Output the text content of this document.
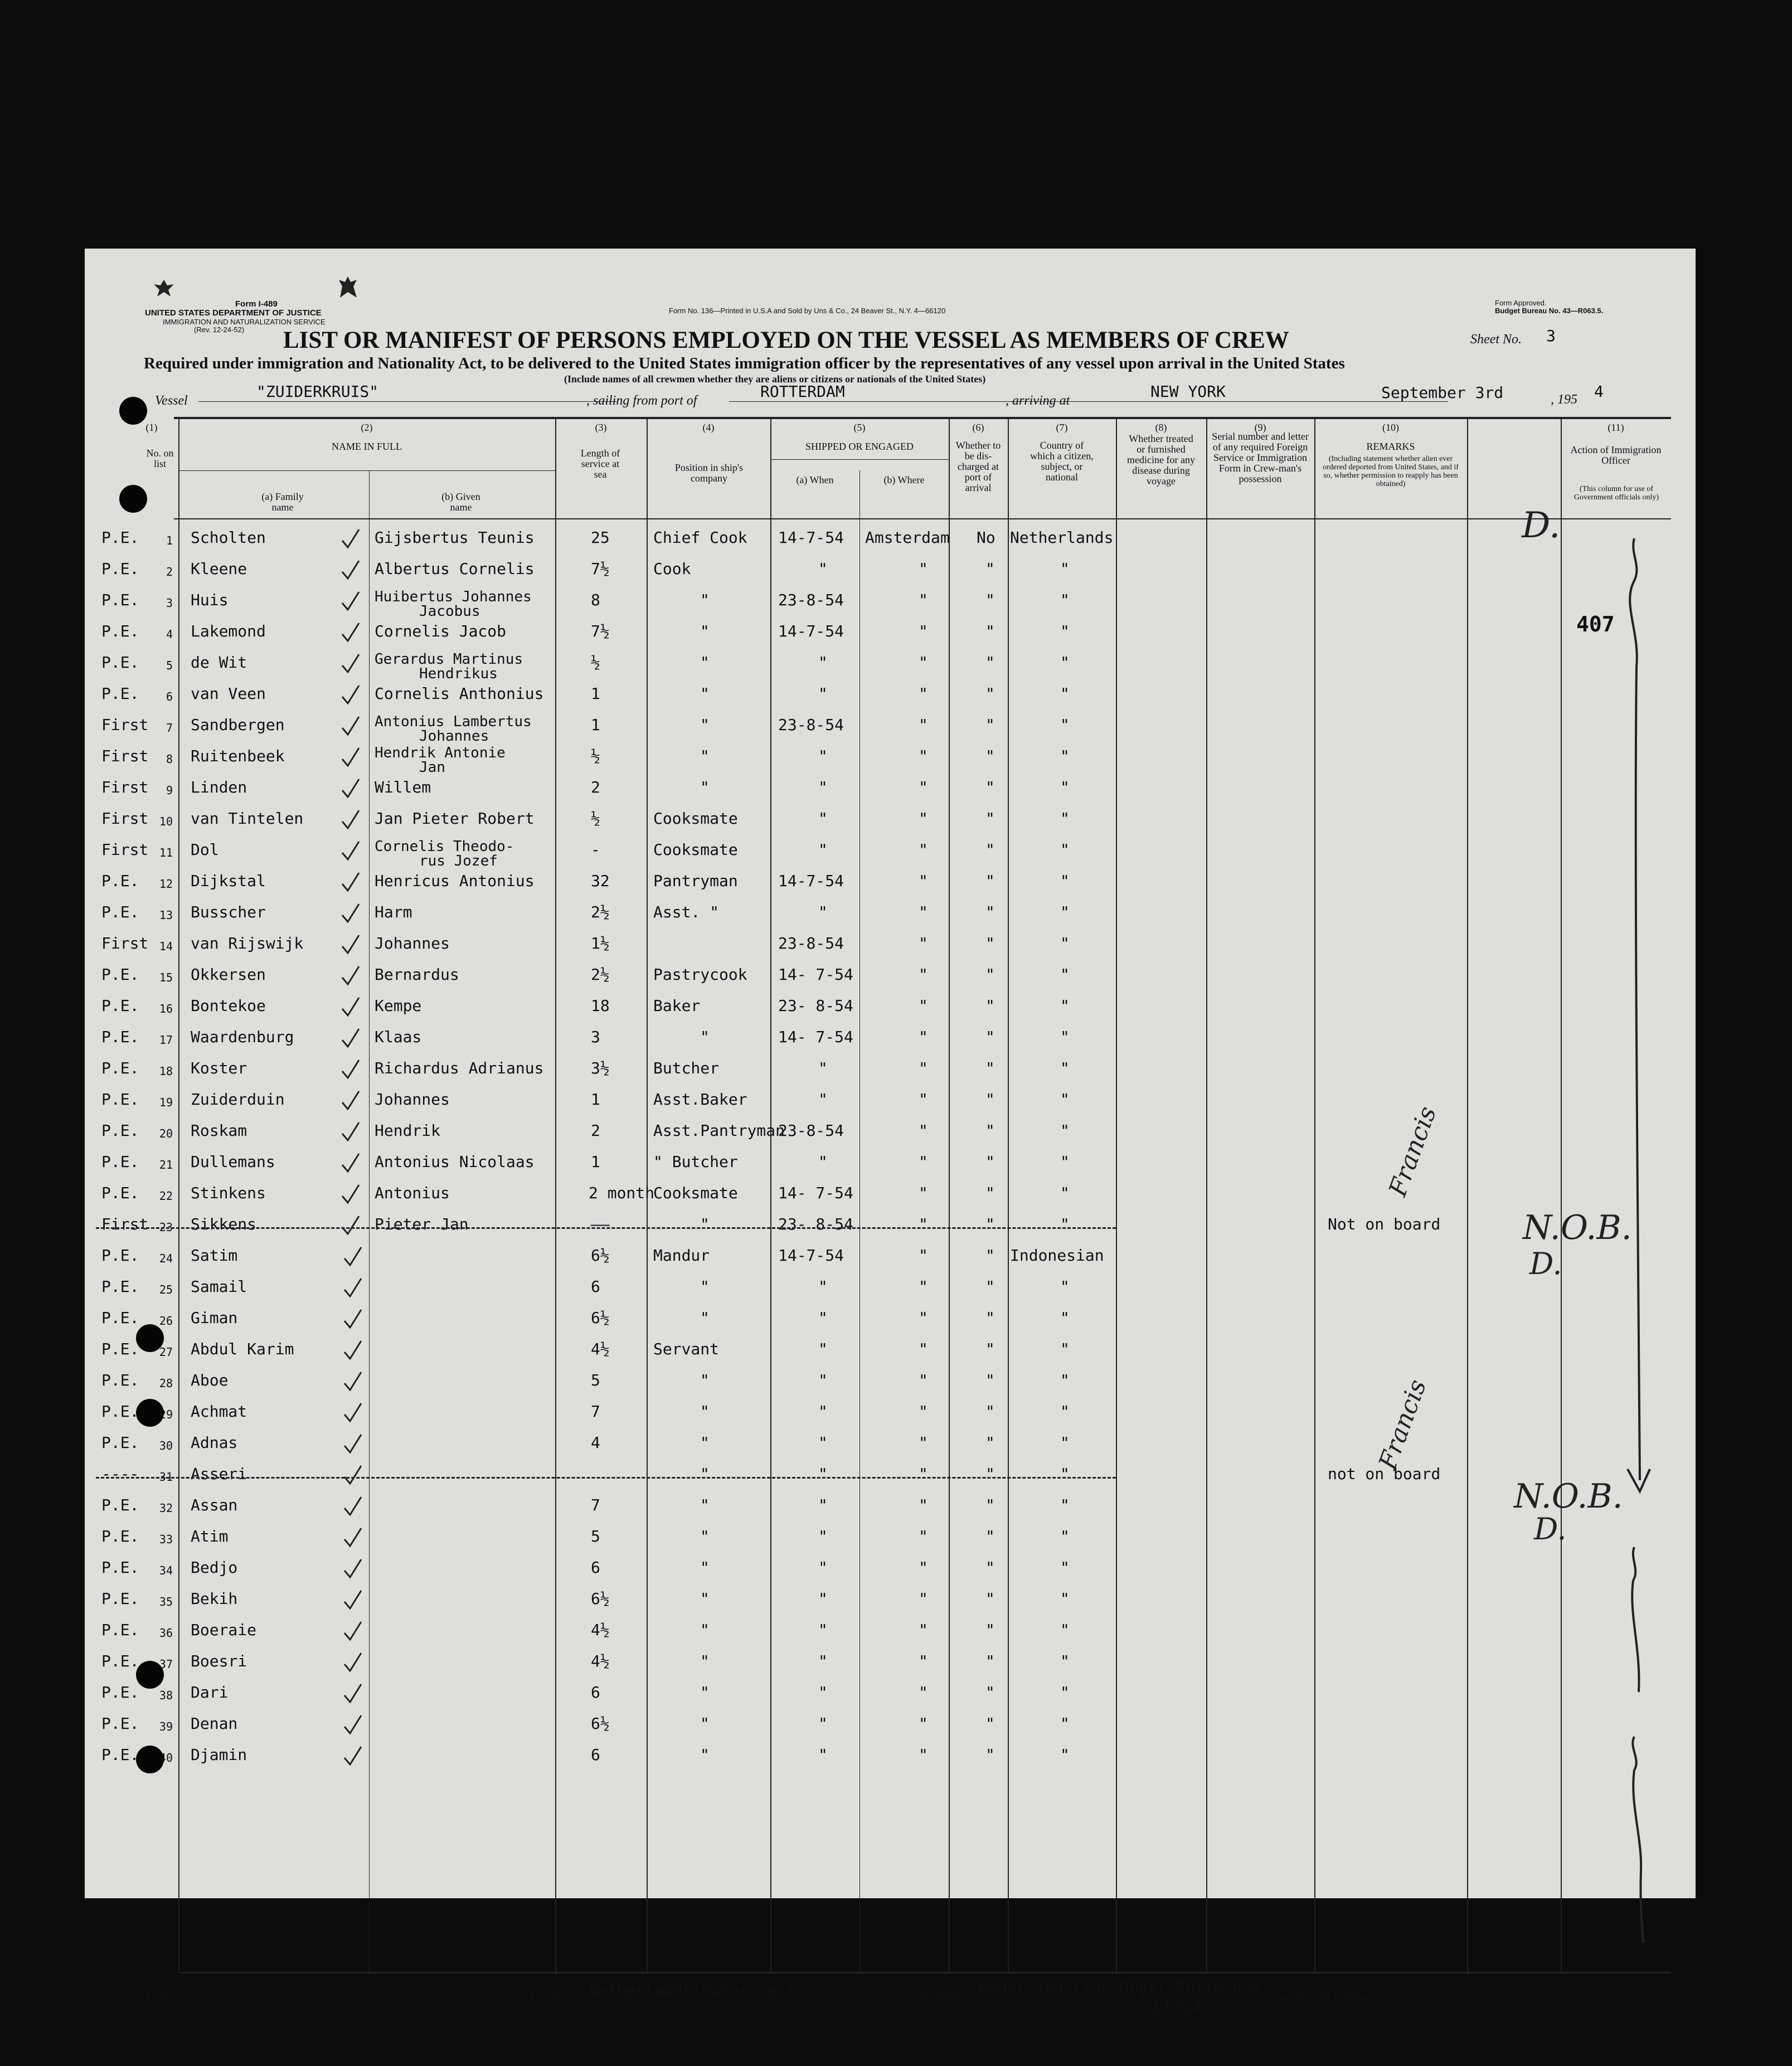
Form I-489
UNITED STATES DEPARTMENT OF JUSTICE
IMMIGRATION AND NATURALIZATION SERVICE
(Rev. 12-24-52)
Form No. 136—Printed in U.S.A and Sold by Uns & Co., 24 Beaver St., N.Y. 4—66120
Form Approved.
Budget Bureau No. 43—R063.5.
LIST OR MANIFEST OF PERSONS EMPLOYED ON THE VESSEL AS MEMBERS OF CREW	Sheet No. 3
Required under immigration and Nationality Act, to be delivered to the United States immigration officer by the representatives of any vessel upon arrival in the United States
(Include names of all crewmen whether they are aliens or citizens or nationals of the United States)
Vessel	"ZUIDERKRUIS"	, sailing from port of	ROTTERDAM	, arriving at	NEW YORK	September 3rd	, 195 4
(1)
No. on list
(2)
NAME IN FULL
(a) Family name
(b) Given name
(3)
Length of service at sea
(4)
Position in ship's company
(5)
SHIPPED OR ENGAGED
(a) When	(b) Where
(6)
Whether to be dis-charged at port of arrival
(7)
Country of which a citizen, subject, or national
(8)
Whether treated or furnished medicine for any disease during voyage
(9)
Serial number and letter of any required Foreign Service or Immigration Form in Crew-man's possession
(10)
REMARKS
(Including statement whether alien ever ordered deported from United States, and if so, whether permission to reapply has been obtained)
(11)
Action of Immigration Officer
(This column for use of Government officials only)
P.E.	1 Scholten	Gijsbertus Teunis	25	Chief Cook 14-7-54 Amsterdam No Netherlands
P.E.	2 Kleene	Albertus Cornelis	7½	Cook	"	"	"	"
P.E.	3 Huis	Huibertus Johannes	8	"	23-8-54	"	"	"
Jacobus
P.E.	4 Lakemond	Cornelis Jacob	7½	"	14-7-54	"	"	"
P.E.	5 de Wit	Gerardus Martinus	½	"	"	"	"	"
Hendrikus
P.E.	6 van Veen	Cornelis Anthonius	1	"	"	"	"	"
First	7 Sandbergen	Antonius Lambertus	1	"	23-8-54	"	"	"
Johannes
First	8 Ruitenbeek	Hendrik Antonie	½	"	"	"	"	"
Jan
First	9 Linden	Willem	2	"	"	"	"	"
First 10 van Tintelen	Jan Pieter Robert	½	Cooksmate	"	"	"	"
First 11 Dol	Cornelis Theodo-	-	Cooksmate	"	"	"	"
rus Jozef
P.E.	12 Dijkstal	Henricus Antonius	32	Pantryman	14-7-54	"	"	"
P.E.	13 Busscher	Harm	2½	Asst. "	"	"	"	"
First 14 van Rijswijk	Johannes	1½	23-8-54	"	"	"
P.E.	15 Okkersen	Bernardus	2½	Pastrycook 14- 7-54	"	"	"
P.E.	16 Bontekoe	Kempe	18	Baker	23- 8-54	"	"	"
P.E.	17 Waardenburg	Klaas	3	"	14- 7-54	"	"	"
P.E.	18 Koster	Richardus Adrianus	3½	Butcher	"	"	"	"
P.E.	19 Zuiderduin	Johannes	1	Asst.Baker	"	"	"	"
P.E.	20 Roskam	Hendrik	2	Asst.Pantryman
23-8-54	"	"	"
P.E.	21 Dullemans	Antonius Nicolaas	1	" Butcher	"	"	"	"
P.E.	22 Stinkens	Antonius	2 month
Cooksmate	14- 7-54	"	"	"
First 23 Sikkens	Pieter Jan	——	"	23- 8-54	"	"	"	Not on board
P.E.	24 Satim	6½	Mandur	14-7-54	"	" Indonesian
P.E.	25 Samail	6	"	"	"	"	"
P.E.	26 Giman	6½	"	"	"	"	"
P.E.	27 Abdul Karim	4½	Servant	"	"	"	"
P.E.	28 Aboe	5	"	"	"	"	"
P.E.	29 Achmat	7	"	"	"	"	"
P.E.	30 Adnas	4	"	"	"	"	"
----	31 Asseri	"	"	"	"	"	not on board
P.E.	32 Assan	7	"	"	"	"	"
P.E.	33 Atim	5	"	"	"	"	"
P.E.	34 Bedjo	6	"	"	"	"	"
P.E.	35 Bekih	6½	"	"	"	"	"
P.E.	36 Boeraie	4½	"	"	"	"	"
P.E.	37 Boesri	4½	"	"	"	"	"
P.E.	38 Dari	6	"	"	"	"	"
P.E.	39 Denan	6½	"	"	"	"	"
P.E.	40 Djamin	6	"	"	"	"	"
D.
N.O.B.
D.
N.O.B.
D.
Francis
Francis
407
Line	------	Owners Netherlands Government	Local Agents Nederland Line-Royal Rotterdam
Lloyd
Immigration Officer.
16—67229-1
